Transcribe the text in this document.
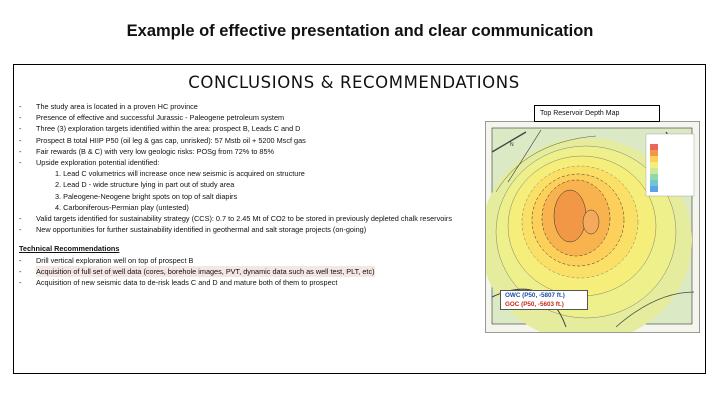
Example of effective presentation and clear communication
CONCLUSIONS & RECOMMENDATIONS
-	The study area is located in a proven HC province
-	Presence of effective and successful Jurassic - Paleogene petroleum system
-	Three (3) exploration targets identified within the area: prospect B, Leads C and D
-	Prospect B total HIIP P50 (oil leg & gas cap, unrisked): 57 Mstb oil + 5200 Mscf gas
-	Fair rewards (B & C) with very low geologic risks: POSg from 72% to 85%
-	Upside exploration potential identified:
1. Lead C volumetrics will increase once new seismic is acquired on structure
2. Lead D - wide structure lying in part out of study area
3. Paleogene-Neogene bright spots on top of salt diapirs
4. Carboniferous-Permian play (untested)
-	Valid targets identified for sustainability strategy (CCS): 0.7 to 2.45 Mt of CO2 to be stored in previously depleted chalk reservoirs
-	New opportunities for further sustainability identified in geothermal and salt storage projects (on-going)
Technical Recommendations
-	Drill vertical exploration well on top of prospect B
-	Acquisition of full set of well data (cores, borehole images, PVT, dynamic data such as well test, PLT, etc)
-	Acquisition of new seismic data to de-risk leads C and D and mature both of them to prospect
N
Top Reservoir Depth Map
OWC (P50, -5807 ft.)
GOC (P50, -5603 ft.)
